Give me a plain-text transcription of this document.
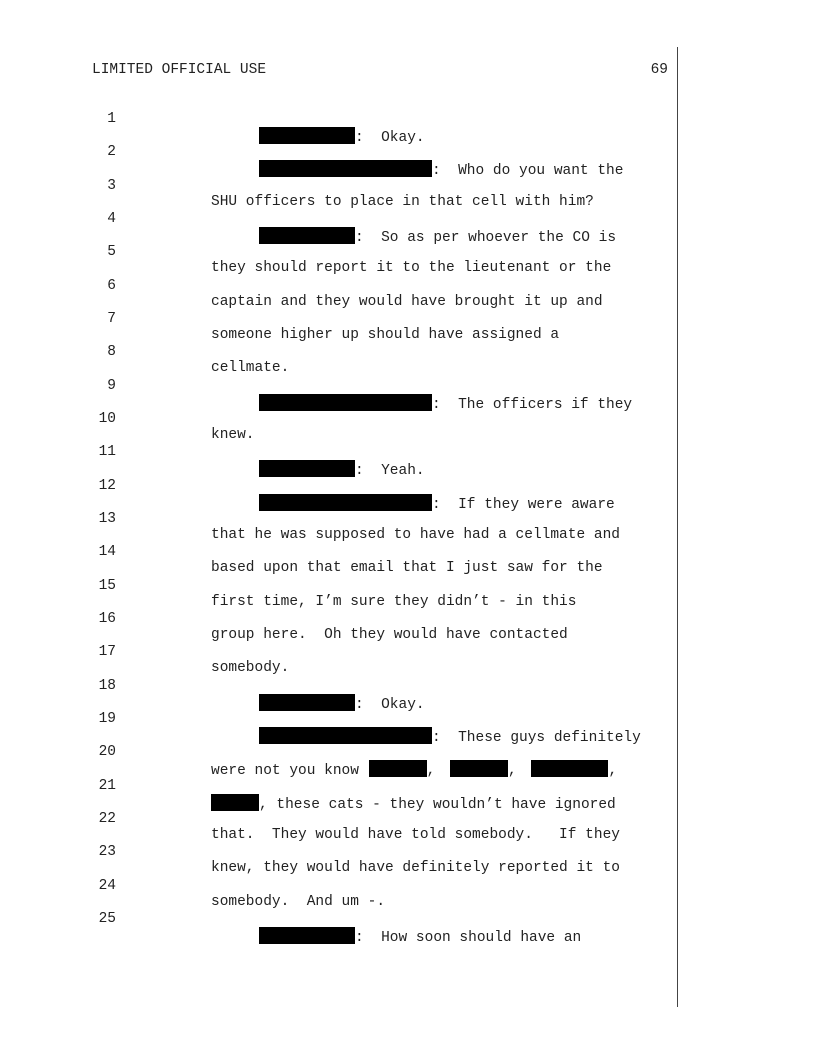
LIMITED OFFICIAL USE	69

1

:  Okay.

2

:  Who do you want the

3

SHU officers to place in that cell with him?

4

:  So as per whoever the CO is

5

they should report it to the lieutenant or the

6

captain and they would have brought it up and

7

someone higher up should have assigned a

8

cellmate.

9

:  The officers if they

10

knew.

11

:  Yeah.

12

:  If they were aware

13

that he was supposed to have had a cellmate and

14

based upon that email that I just saw for the

15

first time, I’m sure they didn’t - in this

16

group here.  Oh they would have contacted

17

somebody.

18

:  Okay.

19

:  These guys definitely

20

were not you know	,	,	,

21

, these cats - they wouldn’t have ignored

22

that.  They would have told somebody.   If they

23

knew, they would have definitely reported it to

24

somebody.  And um -.

25

:  How soon should have an
